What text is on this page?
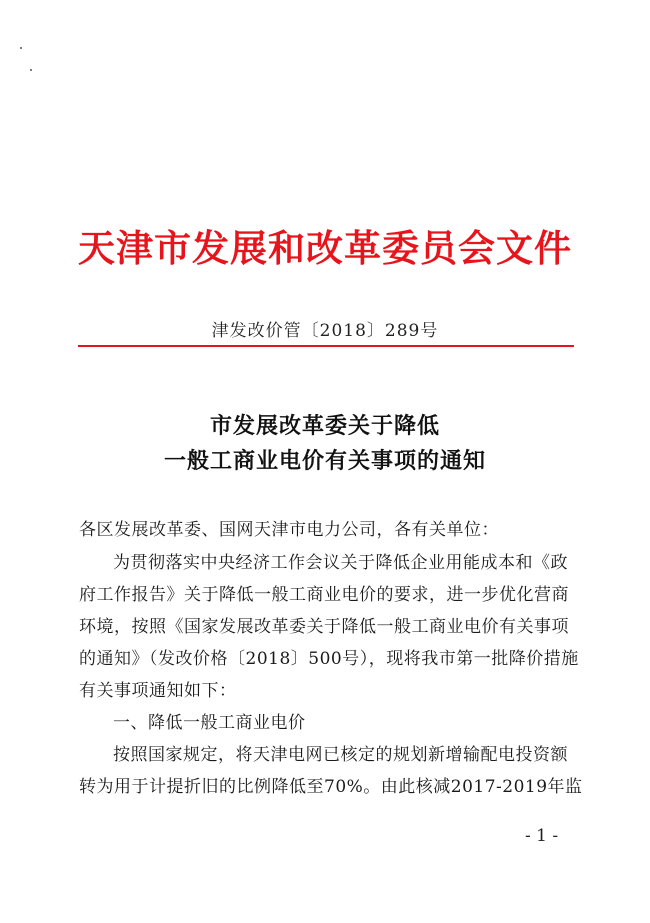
天津市发展和改革委员会文件
津发改价管〔2018〕289号
市发展改革委关于降低
一般工商业电价有关事项的通知
各区发展改革委、国网天津市电力公司，各有关单位：
为贯彻落实中央经济工作会议关于降低企业用能成本和《政
府工作报告》关于降低一般工商业电价的要求，进一步优化营商
环境，按照《国家发展改革委关于降低一般工商业电价有关事项
的通知》（发改价格〔2018〕500号），现将我市第一批降价措施
有关事项通知如下：
一、降低一般工商业电价
按照国家规定，将天津电网已核定的规划新增输配电投资额
转为用于计提折旧的比例降低至70%。由此核减2017-2019年监
- 1 -
